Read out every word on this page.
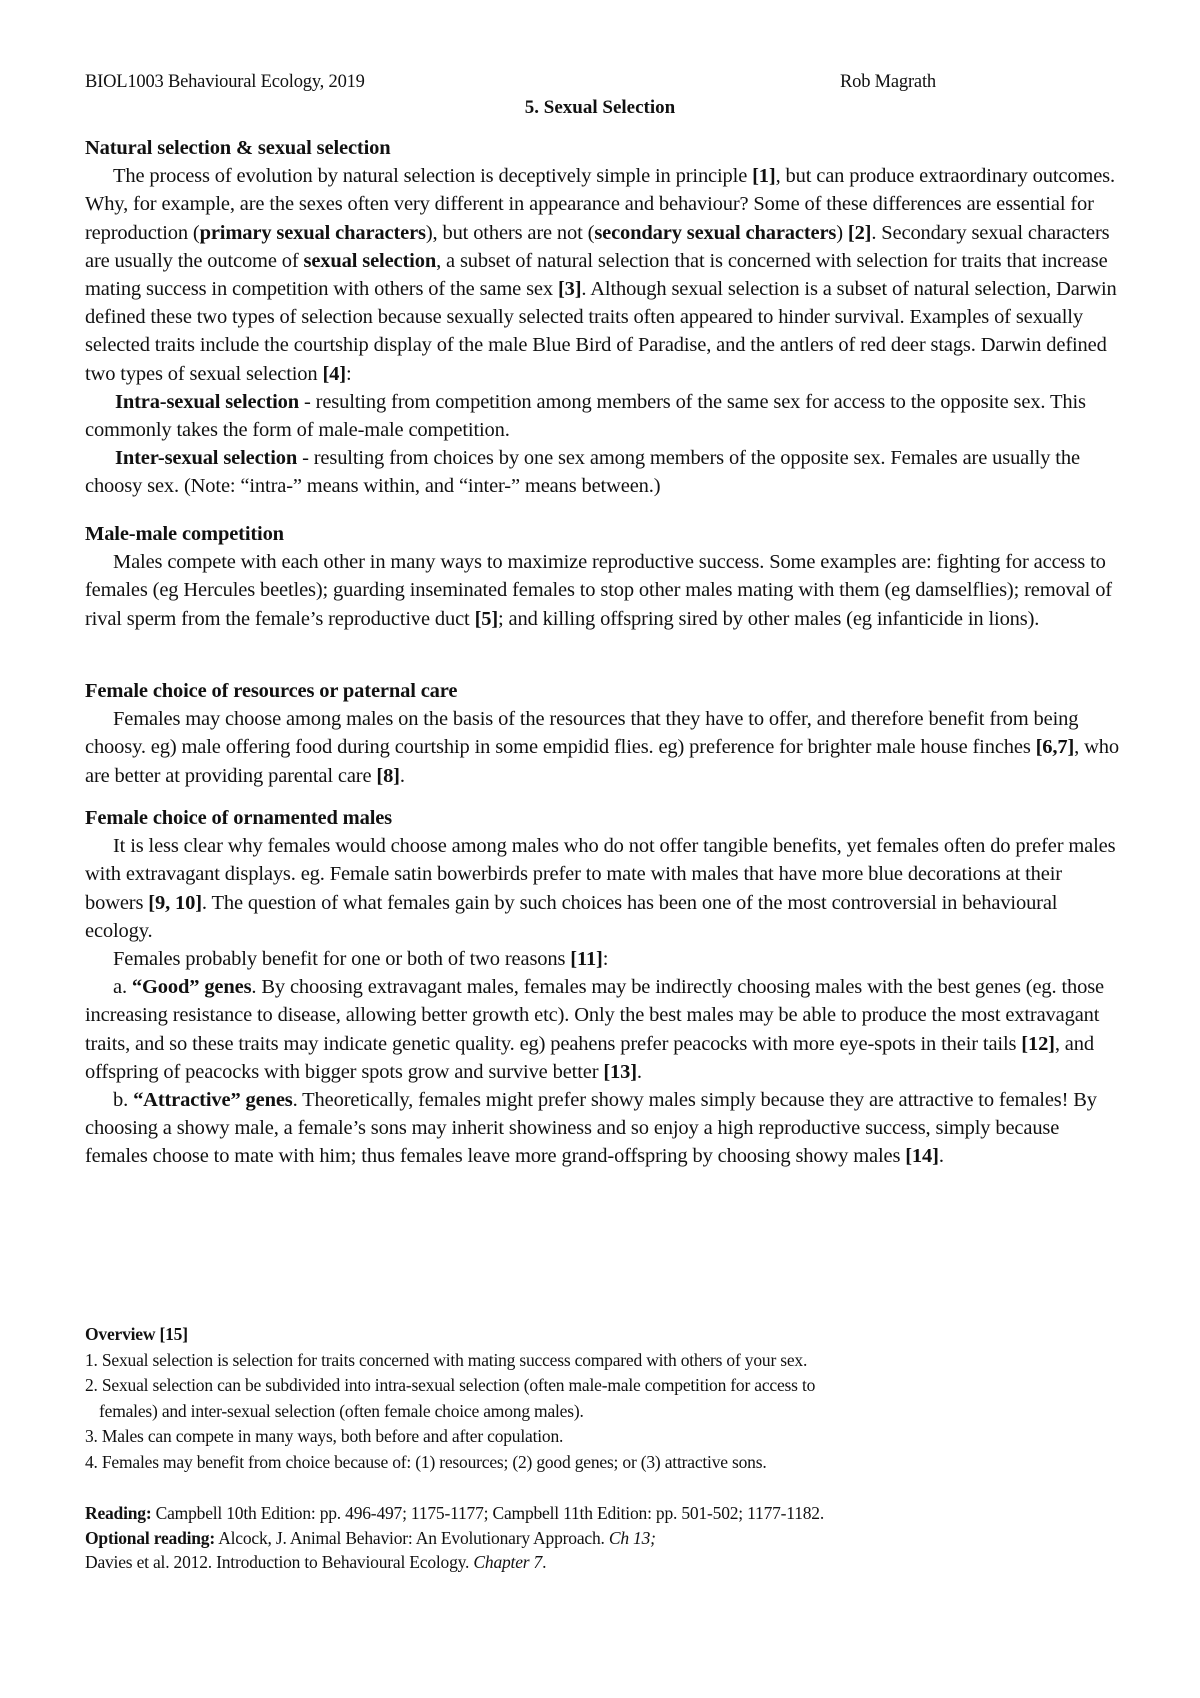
BIOL1003 Behavioural Ecology, 2019	Rob Magrath
5. Sexual Selection
Natural selection & sexual selection

The process of evolution by natural selection is deceptively simple in principle [1], but can produce extraordinary outcomes. Why, for example, are the sexes often very different in appearance and behaviour? Some of these differences are essential for reproduction (primary sexual characters), but others are not (secondary sexual characters) [2]. Secondary sexual characters are usually the outcome of sexual selection, a subset of natural selection that is concerned with selection for traits that increase mating success in competition with others of the same sex [3]. Although sexual selection is a subset of natural selection, Darwin defined these two types of selection because sexually selected traits often appeared to hinder survival. Examples of sexually selected traits include the courtship display of the male Blue Bird of Paradise, and the antlers of red deer stags. Darwin defined two types of sexual selection [4]:

Intra-sexual selection - resulting from competition among members of the same sex for access to the opposite sex. This commonly takes the form of male-male competition.

Inter-sexual selection - resulting from choices by one sex among members of the opposite sex. Females are usually the choosy sex. (Note: “intra-” means within, and “inter-” means between.)

Male-male competition

Males compete with each other in many ways to maximize reproductive success. Some examples are: fighting for access to females (eg Hercules beetles); guarding inseminated females to stop other males mating with them (eg damselflies); removal of rival sperm from the female’s reproductive duct [5]; and killing offspring sired by other males (eg infanticide in lions).

Female choice of resources or paternal care

Females may choose among males on the basis of the resources that they have to offer, and therefore benefit from being choosy. eg) male offering food during courtship in some empidid flies. eg) preference for brighter male house finches [6,7], who are better at providing parental care [8].

Female choice of ornamented males

It is less clear why females would choose among males who do not offer tangible benefits, yet females often do prefer males with extravagant displays. eg. Female satin bowerbirds prefer to mate with males that have more blue decorations at their bowers [9, 10]. The question of what females gain by such choices has been one of the most controversial in behavioural ecology.

Females probably benefit for one or both of two reasons [11]:

a. “Good” genes. By choosing extravagant males, females may be indirectly choosing males with the best genes (eg. those increasing resistance to disease, allowing better growth etc). Only the best males may be able to produce the most extravagant traits, and so these traits may indicate genetic quality. eg) peahens prefer peacocks with more eye-spots in their tails [12], and offspring of peacocks with bigger spots grow and survive better [13].

b. “Attractive” genes. Theoretically, females might prefer showy males simply because they are attractive to females! By choosing a showy male, a female’s sons may inherit showiness and so enjoy a high reproductive success, simply because females choose to mate with him; thus females leave more grand-offspring by choosing showy males [14].

Overview [15]
1. Sexual selection is selection for traits concerned with mating success compared with others of your sex.
2. Sexual selection can be subdivided into intra-sexual selection (often male-male competition for access to
females) and inter-sexual selection (often female choice among males).
3. Males can compete in many ways, both before and after copulation.
4. Females may benefit from choice because of: (1) resources; (2) good genes; or (3) attractive sons.
Reading: Campbell 10th Edition: pp. 496-497; 1175-1177; Campbell 11th Edition: pp. 501-502; 1177-1182.
Optional reading: Alcock, J. Animal Behavior: An Evolutionary Approach. Ch 13;
Davies et al. 2012. Introduction to Behavioural Ecology. Chapter 7.
